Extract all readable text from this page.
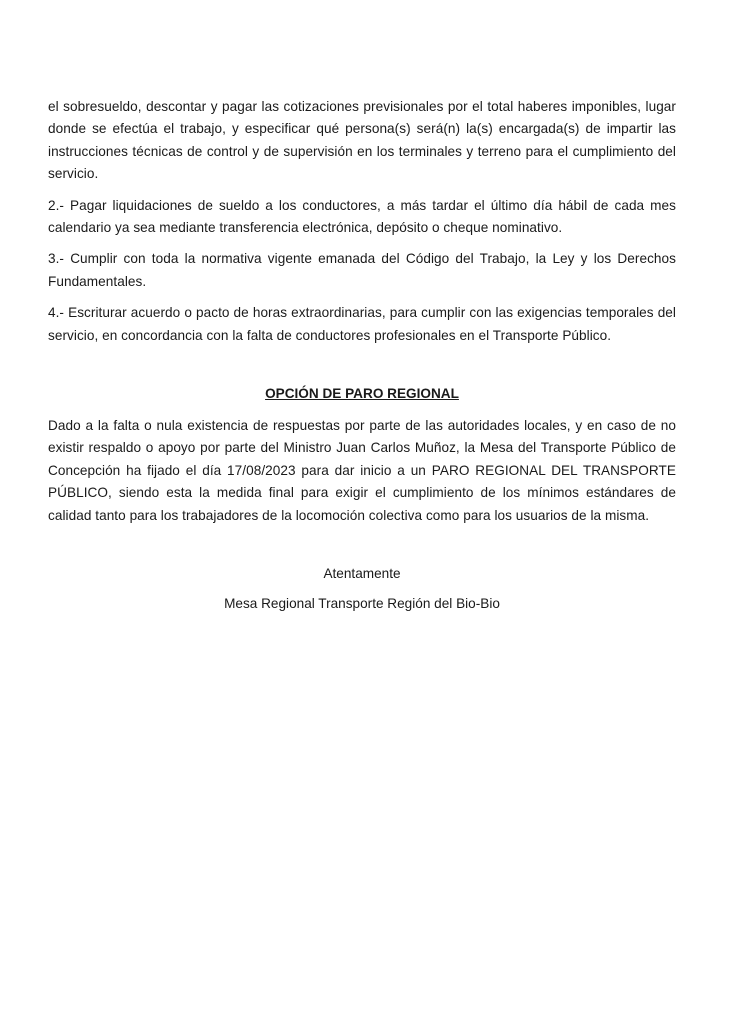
el sobresueldo, descontar y pagar las cotizaciones previsionales por el total haberes imponibles, lugar donde se efectúa el trabajo, y especificar qué persona(s) será(n) la(s) encargada(s) de impartir las instrucciones técnicas de control y de supervisión en los terminales y terreno para el cumplimiento del servicio.

2.- Pagar liquidaciones de sueldo a los conductores, a más tardar el último día hábil de cada mes calendario ya sea mediante transferencia electrónica, depósito o cheque nominativo.

3.- Cumplir con toda la normativa vigente emanada del Código del Trabajo, la Ley y los Derechos Fundamentales.

4.- Escriturar acuerdo o pacto de horas extraordinarias, para cumplir con las exigencias temporales del servicio, en concordancia con la falta de conductores profesionales en el Transporte Público.

OPCIÓN DE PARO REGIONAL

Dado a la falta o nula existencia de respuestas por parte de las autoridades locales, y en caso de no existir respaldo o apoyo por parte del Ministro Juan Carlos Muñoz, la Mesa del Transporte Público de Concepción ha fijado el día 17/08/2023 para dar inicio a un PARO REGIONAL DEL TRANSPORTE PÚBLICO, siendo esta la medida final para exigir el cumplimiento de los mínimos estándares de calidad tanto para los trabajadores de la locomoción colectiva como para los usuarios de la misma.

Atentamente

Mesa Regional Transporte Región del Bio-Bio
